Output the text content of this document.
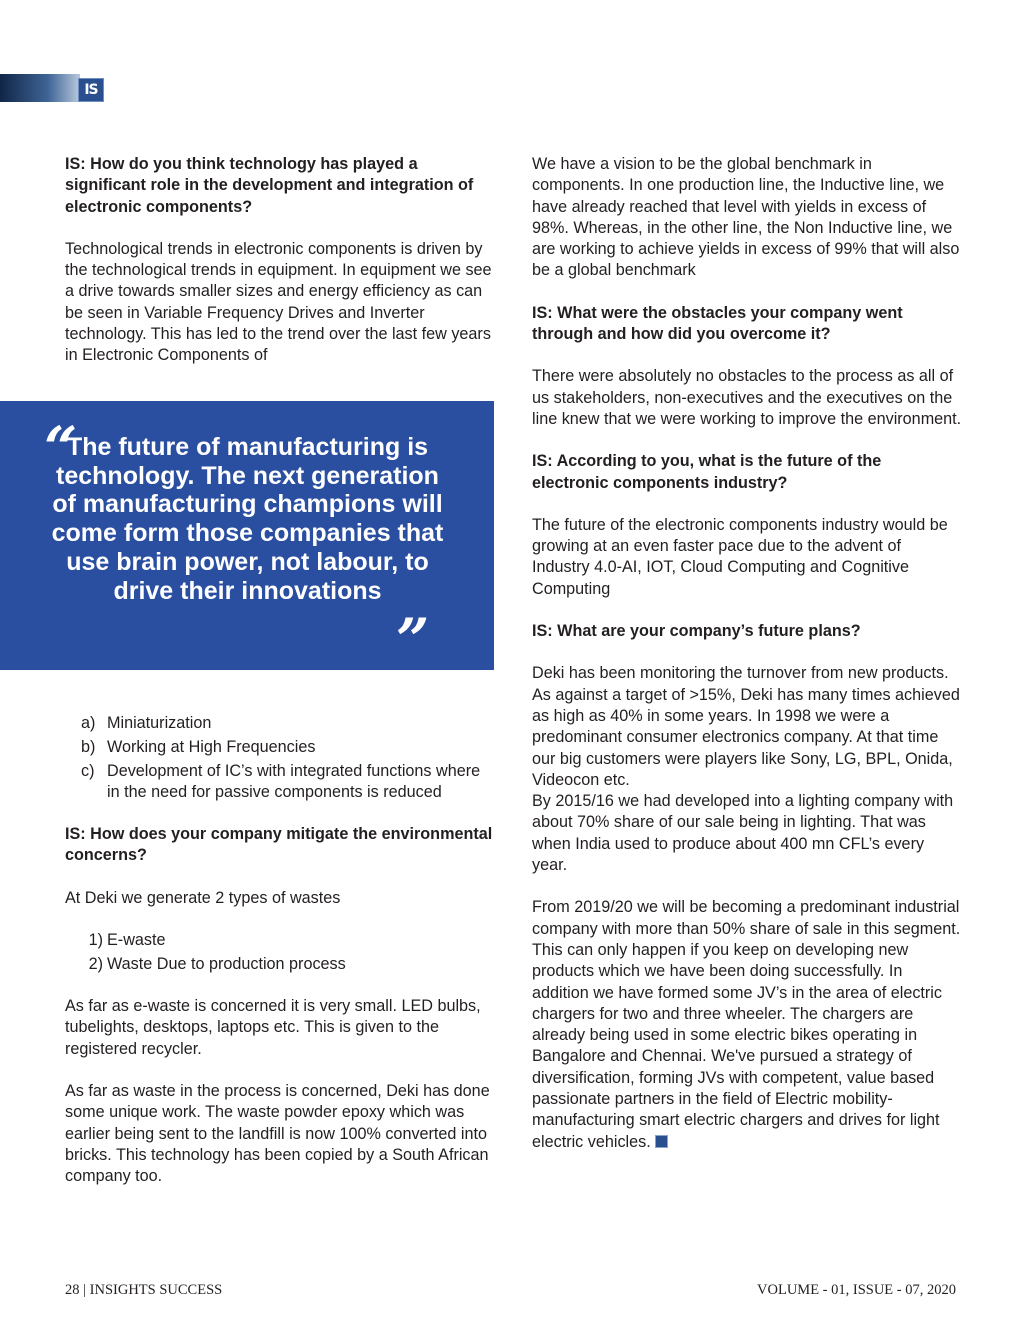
IS

IS: How do you think technology has played a significant role in the development and integration of electronic components?

Technological trends in electronic components is driven by the technological trends in equipment. In equipment we see a drive towards smaller sizes and energy efficiency as can be seen in Variable Frequency Drives and Inverter technology. This has led to the trend over the last few years in Electronic Components of

“
The future of manufacturing is technology. The next generation of manufacturing champions will come form those companies that use brain power, not labour, to drive their innovations
”
a) Miniaturization
b) Working at High Frequencies
c) Development of IC’s with integrated functions where in the need for passive components is reduced

IS: How does your company mitigate the environmental concerns?

At Deki we generate 2 types of wastes

1) E-waste
2) Waste Due to production process

As far as e-waste is concerned it is very small. LED bulbs, tubelights, desktops, laptops etc. This is given to the registered recycler.

As far as waste in the process is concerned, Deki has done some unique work. The waste powder epoxy which was earlier being sent to the landfill is now 100% converted into bricks. This technology has been copied by a South African company too.

We have a vision to be the global benchmark in components. In one production line, the Inductive line, we have already reached that level with yields in excess of 98%. Whereas, in the other line, the Non Inductive line, we are working to achieve yields in excess of 99% that will also be a global benchmark

IS: What were the obstacles your company went through and how did you overcome it?

There were absolutely no obstacles to the process as all of us stakeholders, non-executives and the executives on the line knew that we were working to improve the environment.

IS: According to you, what is the future of the electronic components industry?

The future of the electronic components industry would be growing at an even faster pace due to the advent of Industry 4.0-AI, IOT, Cloud Computing and Cognitive Computing

IS: What are your company’s future plans?

Deki has been monitoring the turnover from new products. As against a target of >15%, Deki has many times achieved as high as 40% in some years. In 1998 we were a predominant consumer electronics company. At that time our big customers were players like Sony, LG, BPL, Onida, Videocon etc.

By 2015/16 we had developed into a lighting company with about 70% share of our sale being in lighting. That was when India used to produce about 400 mn CFL’s every year.

From 2019/20 we will be becoming a predominant industrial company with more than 50% share of sale in this segment. This can only happen if you keep on developing new products which we have been doing successfully. In addition we have formed some JV’s in the area of electric chargers for two and three wheeler. The chargers are already being used in some electric bikes operating in Bangalore and Chennai. We've pursued a strategy of diversification, forming JVs with competent, value based passionate partners in the field of Electric mobility- manufacturing smart electric chargers and drives for light electric vehicles.

28 | INSIGHTS SUCCESS	VOLUME - 01, ISSUE - 07, 2020
